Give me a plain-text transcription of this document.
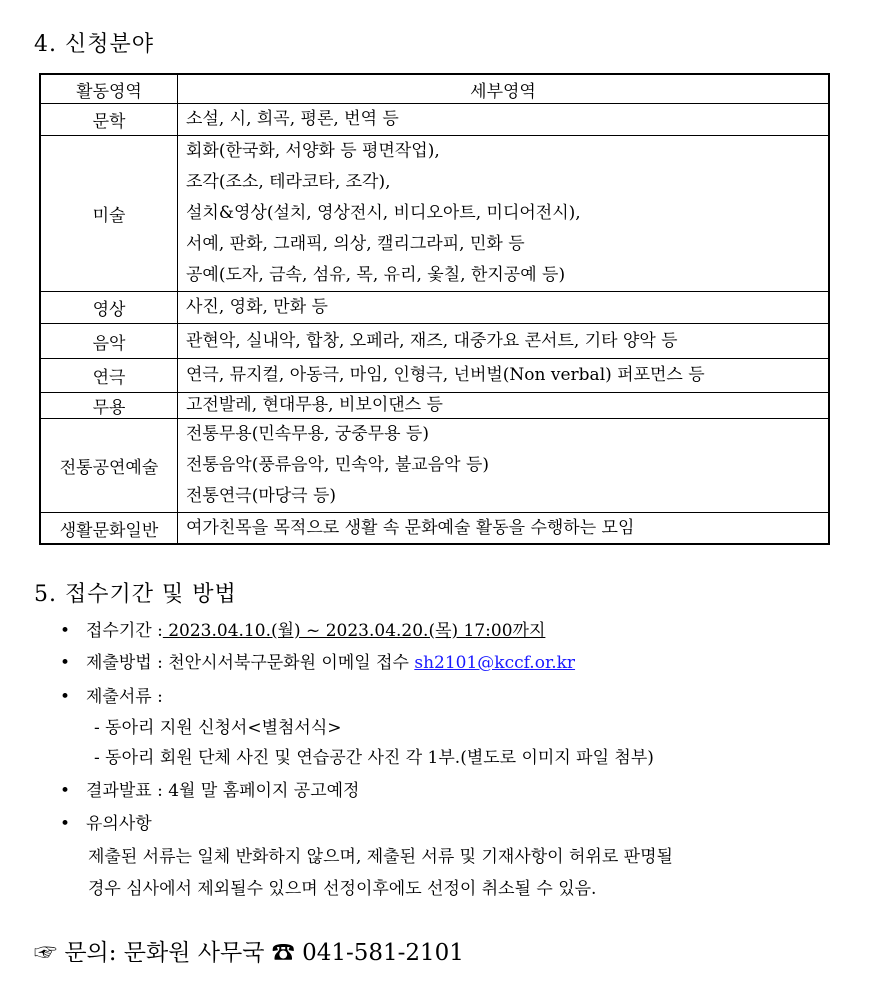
4. 신청분야
활동영역	세부영역
문학	소설, 시, 희곡, 평론, 번역 등

미술	회화(한국화, 서양화 등 평면작업),
조각(조소, 테라코타, 조각),
설치&영상(설치, 영상전시, 비디오아트, 미디어전시),
서예, 판화, 그래픽, 의상, 캘리그라피, 민화 등
공예(도자, 금속, 섬유, 목, 유리, 옻칠, 한지공예 등)

영상	사진, 영화, 만화 등

음악	관현악, 실내악, 합창, 오페라, 재즈, 대중가요 콘서트, 기타 양악 등

연극	연극, 뮤지컬, 아동극, 마임, 인형극, 넌버벌(Non verbal) 퍼포먼스 등

무용	고전발레, 현대무용, 비보이댄스 등

전통공연예술	전통무용(민속무용, 궁중무용 등)
전통음악(풍류음악, 민속악, 불교음악 등)
전통연극(마당극 등)

생활문화일반	여가친목을 목적으로 생활 속 문화예술 활동을 수행하는 모임
5. 접수기간 및 방법
• 접수기간 : 2023.04.10.(월) ~ 2023.04.20.(목) 17:00까지
• 제출방법 : 천안시서북구문화원 이메일 접수 sh2101@kccf.or.kr
• 제출서류 :
- 동아리 지원 신청서<별첨서식>
- 동아리 회원 단체 사진 및 연습공간 사진 각 1부.(별도로 이미지 파일 첨부)
• 결과발표 : 4월 말 홈페이지 공고예정
• 유의사항
제출된 서류는 일체 반화하지 않으며, 제출된 서류 및 기재사항이 허위로 판명될
경우 심사에서 제외될수 있으며 선정이후에도 선정이 취소될 수 있음.
☞ 문의: 문화원 사무국 ☎ 041-581-2101
